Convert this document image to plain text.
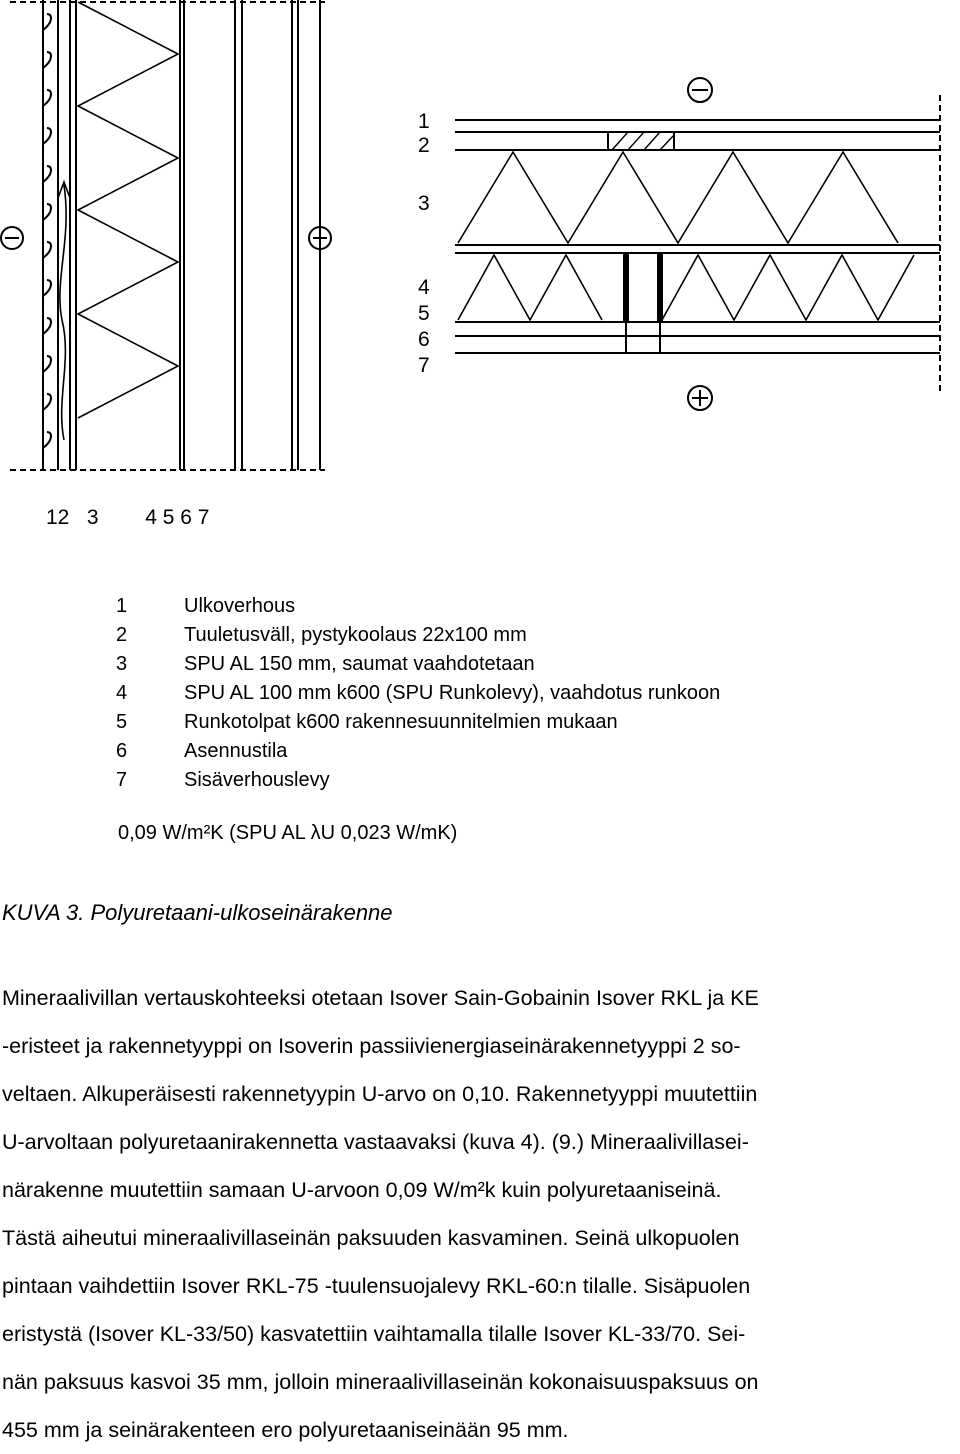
1
2
3
4
5
6
7
12   3        4 5 6 7
1	Ulkoverhous
2	Tuuletusväll, pystykoolaus 22x100 mm
3	SPU AL 150 mm, saumat vaahdotetaan
4	SPU AL 100 mm k600 (SPU Runkolevy), vaahdotus runkoon
5	Runkotolpat k600 rakennesuunnitelmien mukaan
6	Asennustila
7	Sisäverhouslevy
0,09 W/m²K (SPU AL λU 0,023 W/mK)
KUVA 3. Polyuretaani-ulkoseinärakenne
Mineraalivillan vertauskohteeksi otetaan Isover Sain-Gobainin Isover RKL ja KE
-eristeet ja rakennetyyppi on Isoverin passiivienergiaseinärakennetyyppi 2 so-
veltaen. Alkuperäisesti rakennetyypin U-arvo on 0,10. Rakennetyyppi muutettiin
U-arvoltaan polyuretaanirakennetta vastaavaksi (kuva 4). (9.) Mineraalivillasei-
närakenne muutettiin samaan U-arvoon 0,09 W/m²k kuin polyuretaaniseinä.
Tästä aiheutui mineraalivillaseinän paksuuden kasvaminen. Seinä ulkopuolen
pintaan vaihdettiin Isover RKL-75 -tuulensuojalevy RKL-60:n tilalle. Sisäpuolen
eristystä (Isover KL-33/50) kasvatettiin vaihtamalla tilalle Isover KL-33/70. Sei-
nän paksuus kasvoi 35 mm, jolloin mineraalivillaseinän kokonaisuuspaksuus on
455 mm ja seinärakenteen ero polyuretaaniseinään 95 mm.
